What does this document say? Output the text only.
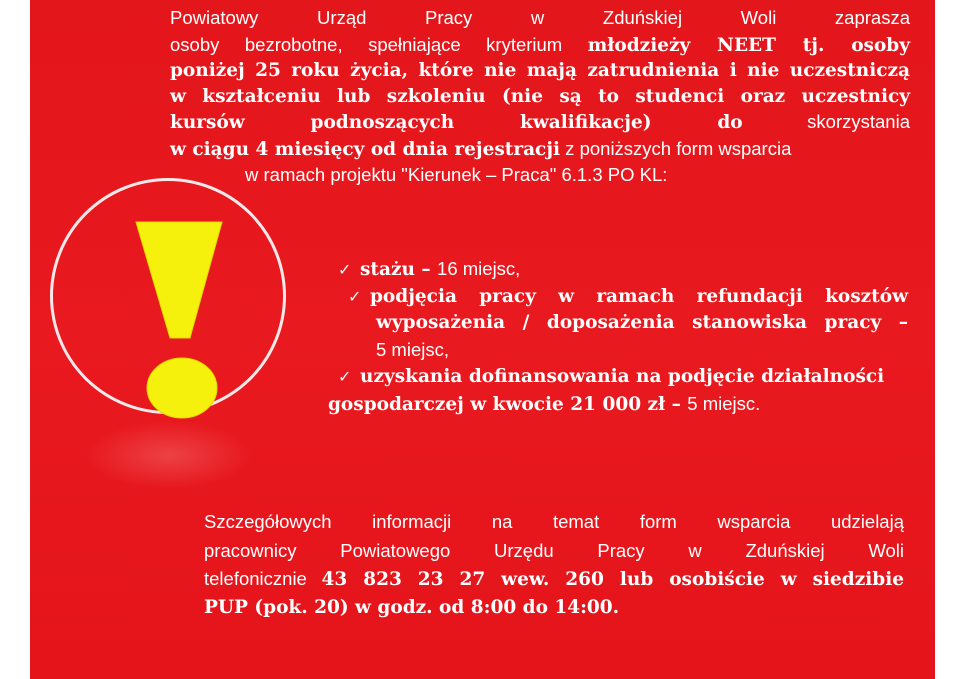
Powiatowy Urząd Pracy w Zduńskiej Woli zaprasza

osoby bezrobotne, spełniające kryterium młodzieży NEET tj. osoby

poniżej 25 roku życia, które nie mają zatrudnienia i nie uczestniczą

w kształceniu lub szkoleniu (nie są to studenci oraz uczestnicy

kursów podnoszących kwalifikacje) do skorzystania

w ciągu 4 miesięcy od dnia rejestracji z poniższych form wsparcia

w ramach projektu "Kierunek – Praca" 6.1.3 PO KL:

✓ stażu – 16 miejsc,

✓ podjęcia pracy w ramach refundacji kosztów

wyposażenia / doposażenia stanowiska pracy –

5 miejsc,

✓ uzyskania dofinansowania na podjęcie działalności

gospodarczej w kwocie 21 000 zł – 5 miejsc.

Szczegółowych informacji na temat form wsparcia udzielają

pracownicy Powiatowego Urzędu Pracy w Zduńskiej Woli

telefonicznie 43 823 23 27 wew. 260 lub osobiście w siedzibie

PUP (pok. 20) w godz. od 8:00 do 14:00.
